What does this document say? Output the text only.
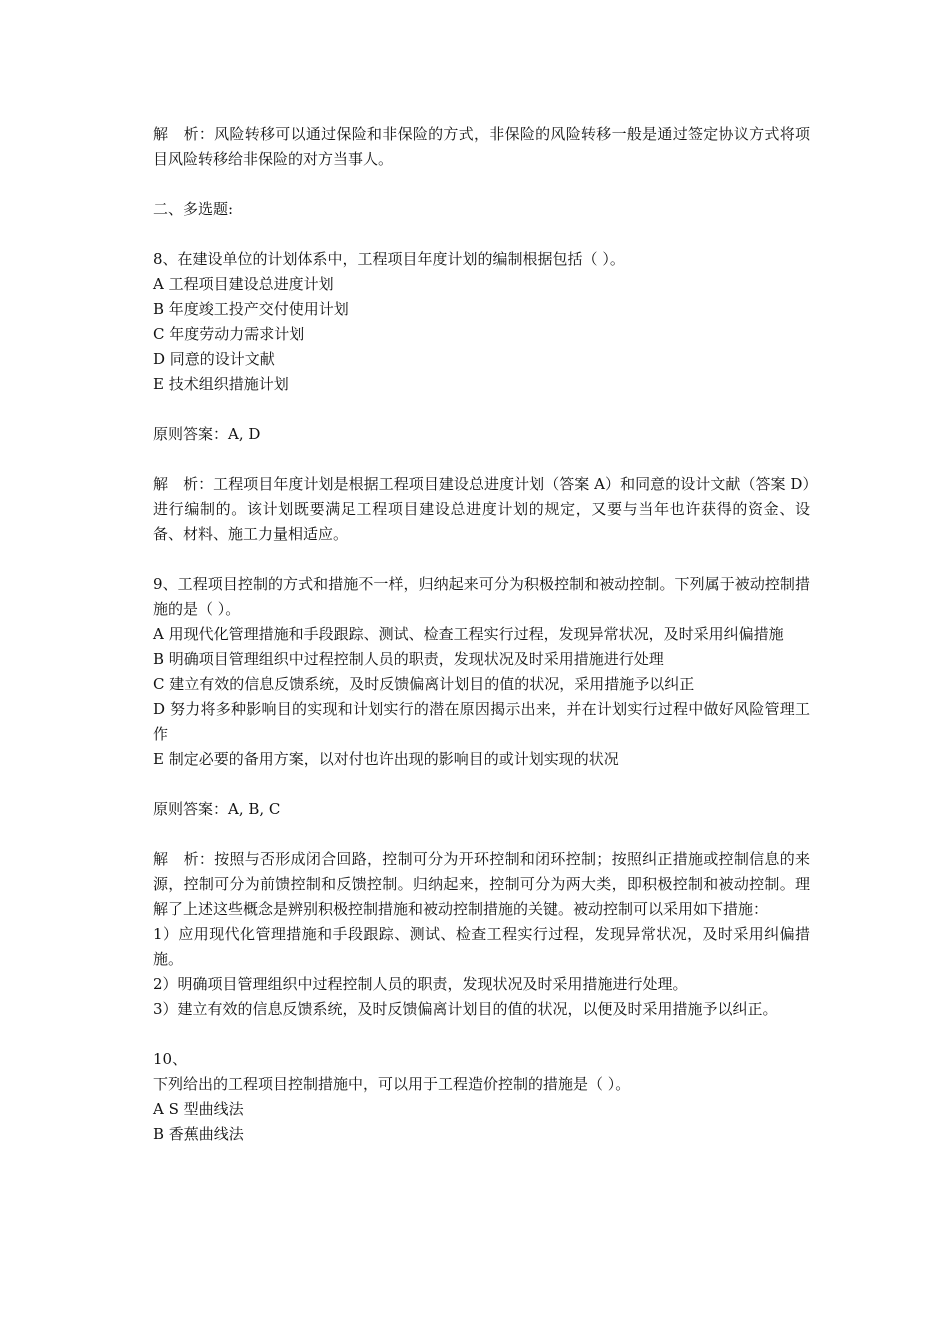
解　析：风险转移可以通过保险和非保险的方式，非保险的风险转移一般是通过签定协议方式将项目风险转移给非保险的对方当事人。

二、多选题:

8、在建设单位的计划体系中，工程项目年度计划的编制根据包括（ ）。

A 工程项目建设总进度计划

B 年度竣工投产交付使用计划

C 年度劳动力需求计划

D 同意的设计文献

E 技术组织措施计划

原则答案：A, D

解　析：工程项目年度计划是根据工程项目建设总进度计划（答案 A）和同意的设计文献（答案 D）进行编制的。该计划既要满足工程项目建设总进度计划的规定，又要与当年也许获得的资金、设备、材料、施工力量相适应。

9、工程项目控制的方式和措施不一样，归纳起来可分为积极控制和被动控制。下列属于被动控制措施的是（ ）。

A 用现代化管理措施和手段跟踪、测试、检查工程实行过程，发现异常状况，及时采用纠偏措施

B 明确项目管理组织中过程控制人员的职责，发现状况及时采用措施进行处理

C 建立有效的信息反馈系统，及时反馈偏离计划目的值的状况，采用措施予以纠正

D 努力将多种影响目的实现和计划实行的潜在原因揭示出来，并在计划实行过程中做好风险管理工作

E 制定必要的备用方案，以对付也许出现的影响目的或计划实现的状况

原则答案：A, B, C

解　析：按照与否形成闭合回路，控制可分为开环控制和闭环控制；按照纠正措施或控制信息的来源，控制可分为前馈控制和反馈控制。归纳起来，控制可分为两大类，即积极控制和被动控制。理解了上述这些概念是辨别积极控制措施和被动控制措施的关键。被动控制可以采用如下措施：

1）应用现代化管理措施和手段跟踪、测试、检查工程实行过程，发现异常状况，及时采用纠偏措施。

2）明确项目管理组织中过程控制人员的职责，发现状况及时采用措施进行处理。

3）建立有效的信息反馈系统，及时反馈偏离计划目的值的状况，以便及时采用措施予以纠正。

10、

下列给出的工程项目控制措施中，可以用于工程造价控制的措施是（ ）。

A S 型曲线法

B 香蕉曲线法
